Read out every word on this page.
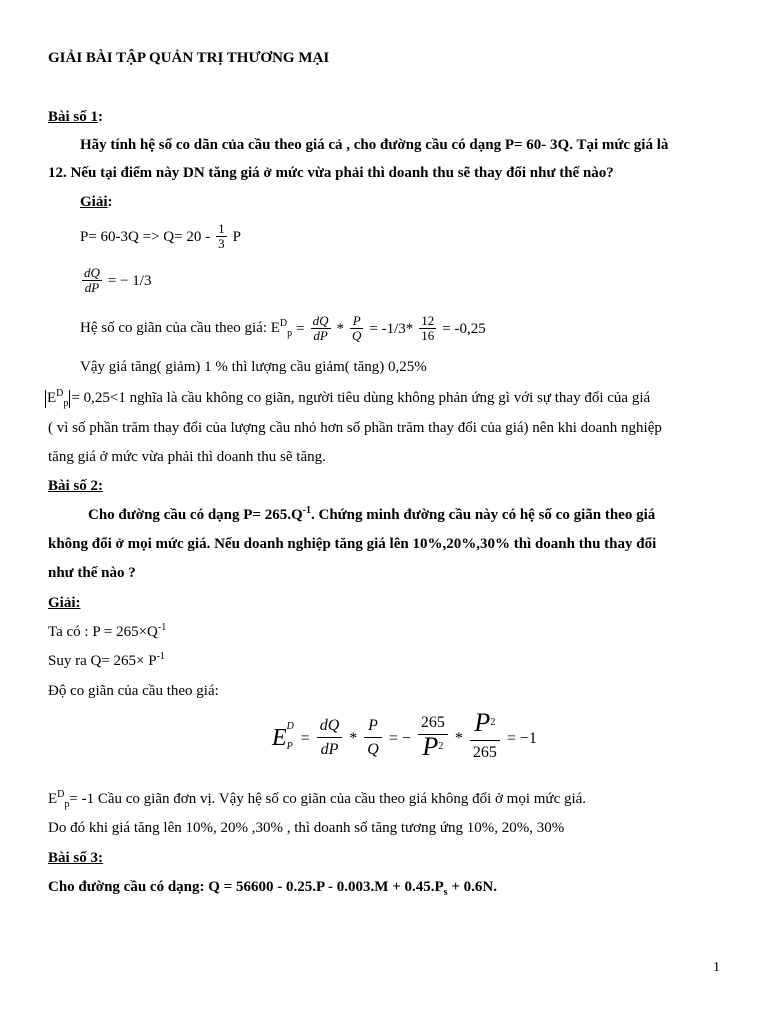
GIẢI BÀI TẬP QUẢN TRỊ THƯƠNG MẠI
Bài số 1:
Hãy tính hệ số co dãn của cầu theo giá cả , cho đường cầu có dạng P= 60- 3Q. Tại mức giá là
12. Nếu tại điểm này DN tăng giá ở mức vừa phải thì doanh thu sẽ thay đổi như thế nào?
Giải:
$P= 60-3Q => Q= 20 - \frac{1}{3}$ P
$\frac{dQ}{dP}$ = − 1/3
Hệ số co giãn của cầu theo giá: $E^D_p = \frac{dQ}{dP} * \frac{P}{Q} = -1/3* \frac{12}{16} = -0,25$
Vậy giá tăng( giảm) 1 % thì lượng cầu giảm( tăng) 0,25%
$E^D_p = 0,25<1$ nghĩa là cầu không co giãn, người tiêu dùng không phản ứng gì với sự thay đổi của giá
( vì số phần trăm thay đổi của lượng cầu nhỏ hơn số phần trăm thay đổi của giá) nên khi doanh nghiệp
tăng giá ở mức vừa phải thì doanh thu sẽ tăng.
Bài số 2:
Cho đường cầu có dạng $P= 265.Q^{-1}$. Chứng minh đường cầu này có hệ số co giãn theo giá
không đổi ở mọi mức giá. Nếu doanh nghiệp tăng giá lên 10%,20%,30% thì doanh thu thay đổi
như thế nào ?
Giải:
Ta có : $P = 265\times Q^{-1}$
Suy ra $Q= 265\times P^{-1}$
Độ co giãn của cầu theo giá:
E D
$P = \frac{dQ}{dP} * \frac{P}{Q}$ = − $\frac{265}{P^2} * \frac{P^2}{265} = -1$
$E^D_p= -1$ Cầu co giãn đơn vị. Vậy hệ số co giãn của cầu theo giá không đổi ở mọi mức giá.
Do đó khi giá tăng lên 10%, 20% ,30% , thì doanh số tăng tương ứng 10%, 20%, 30%
Bài số 3:
Cho đường cầu có dạng: $Q = 56600 - 0.25.P - 0.003.M + 0.45.P_s + 0.6N$.
1
